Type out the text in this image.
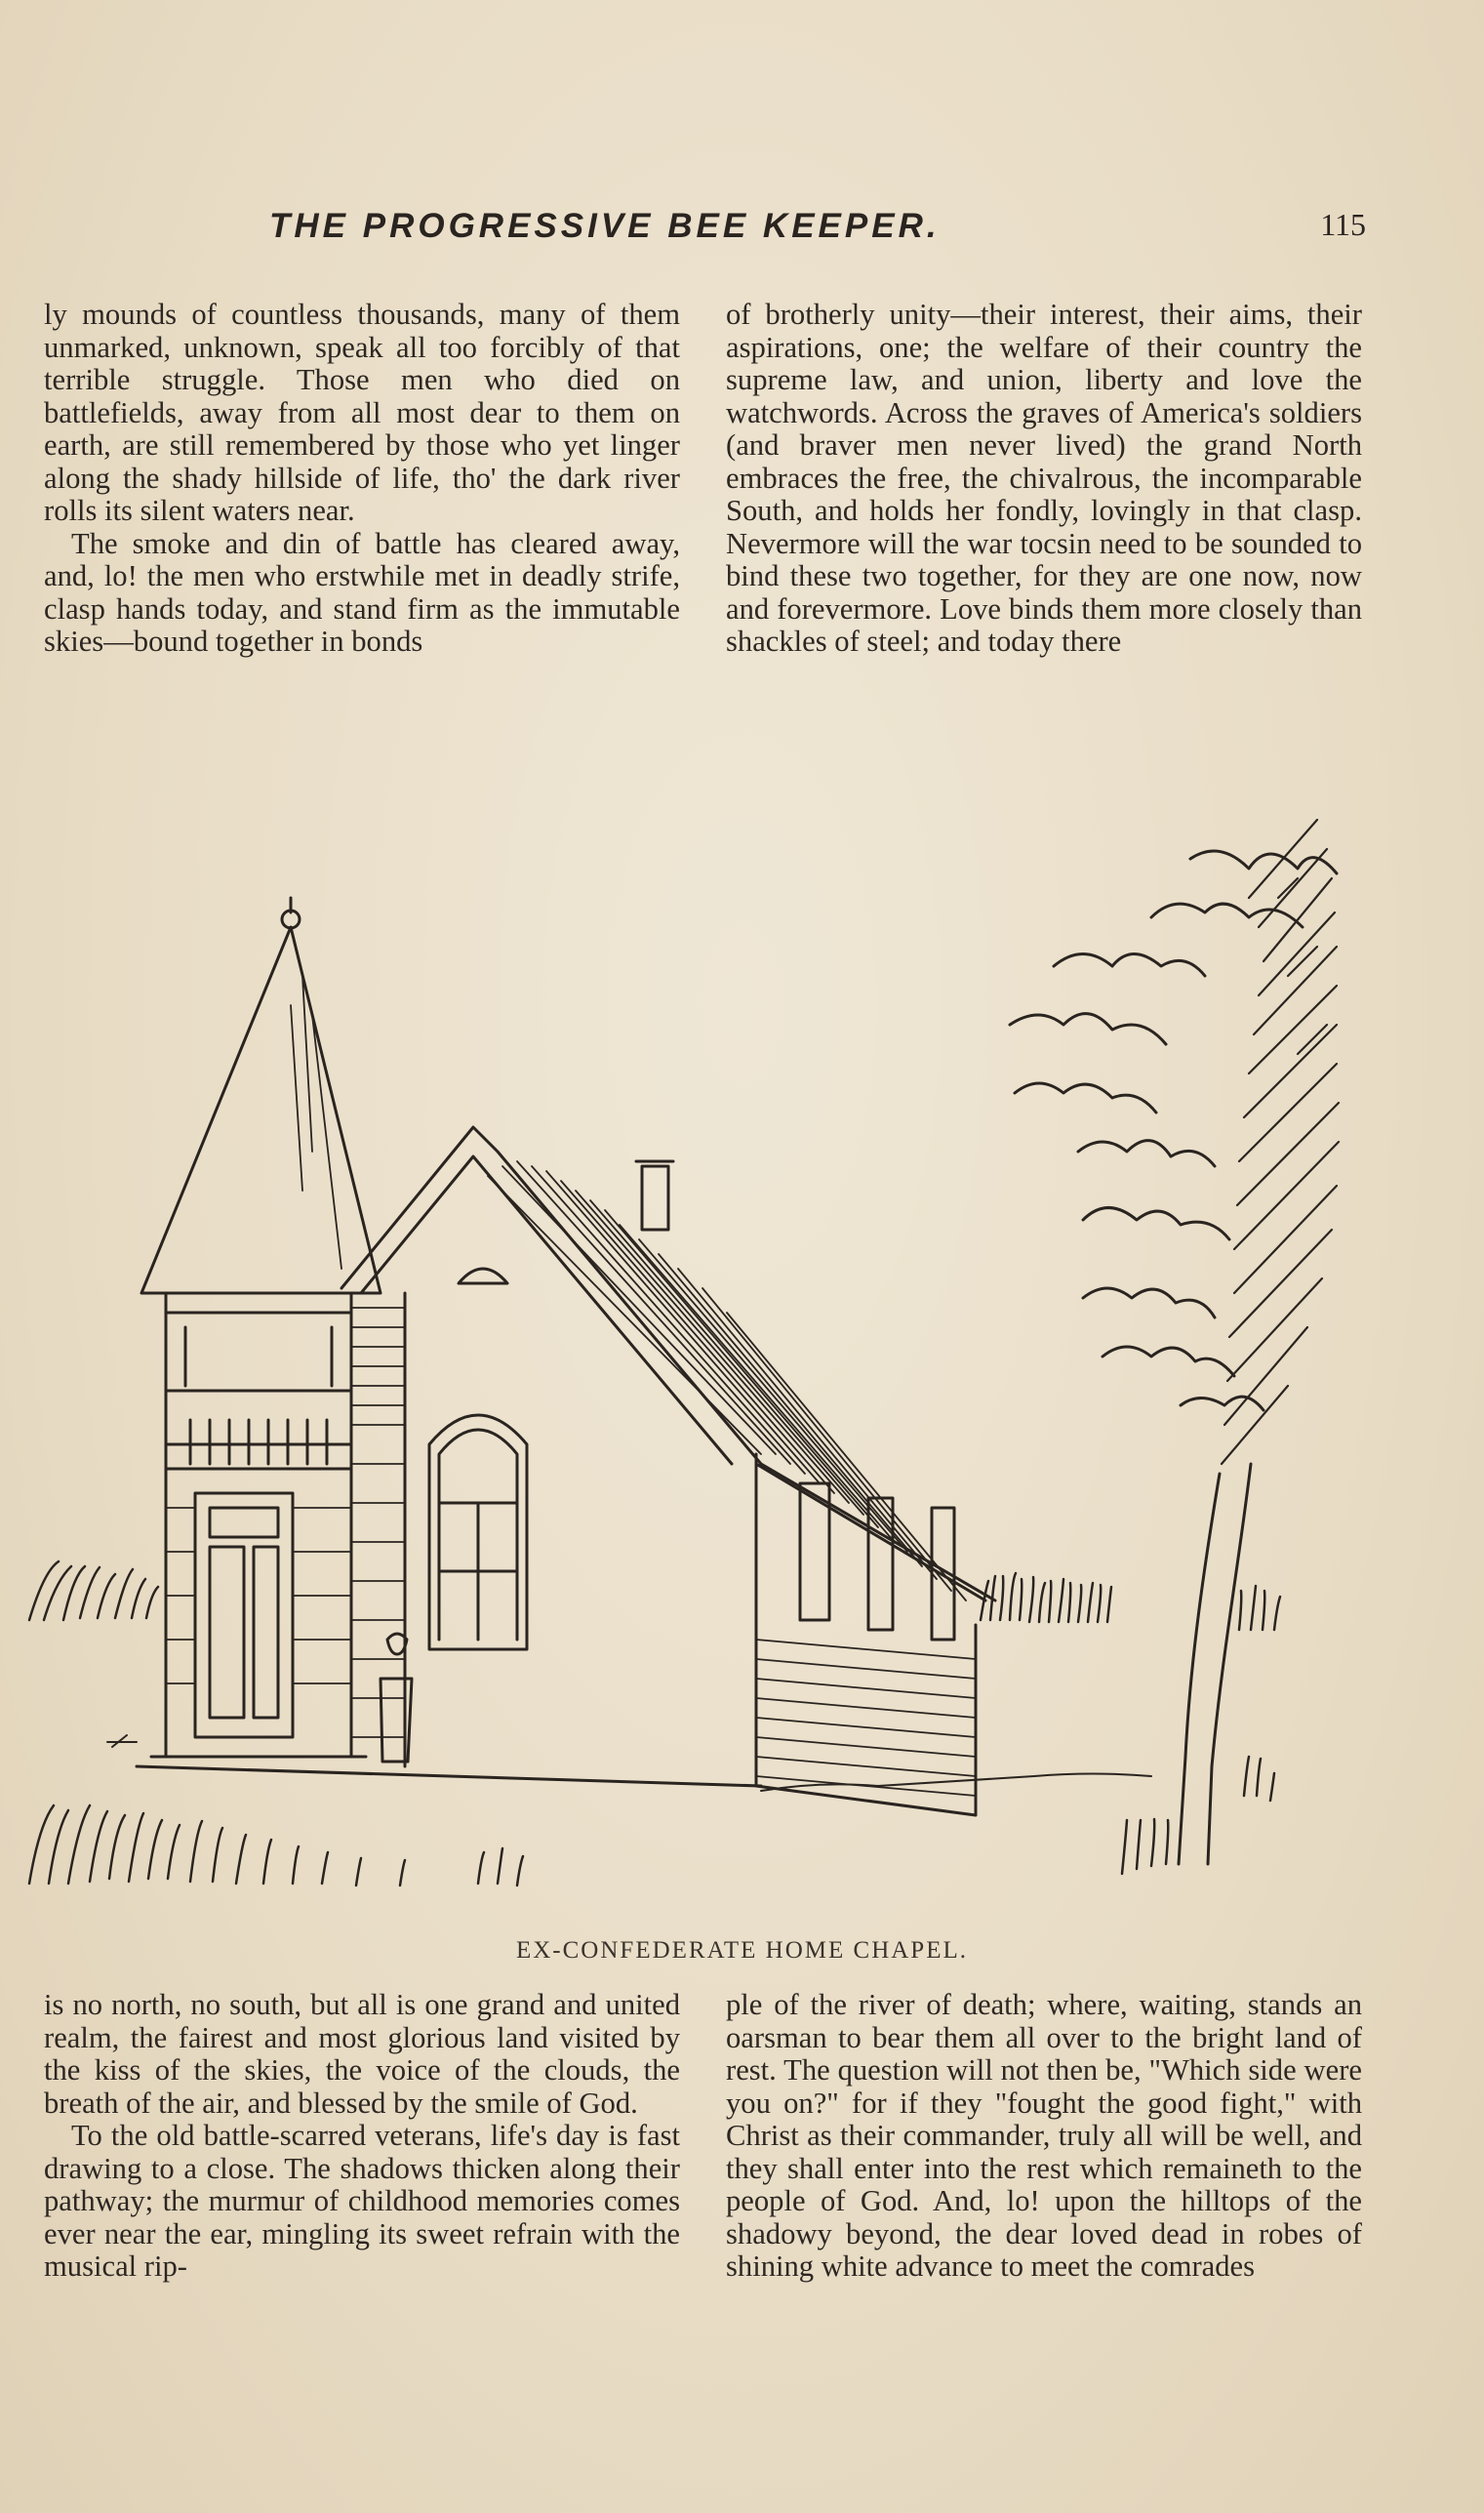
THE PROGRESSIVE BEE KEEPER.	115

ly mounds of countless thousands, many of them unmarked, unknown, speak all too forcibly of that terrible struggle. Those men who died on battlefields, away from all most dear to them on earth, are still remembered by those who yet linger along the shady hillside of life, tho' the dark river rolls its silent waters near.

The smoke and din of battle has cleared away, and, lo! the men who erstwhile met in deadly strife, clasp hands today, and stand firm as the immutable skies—bound together in bonds

of brotherly unity—their interest, their aims, their aspirations, one; the welfare of their country the supreme law, and union, liberty and love the watchwords. Across the graves of America's soldiers (and braver men never lived) the grand North embraces the free, the chivalrous, the incomparable South, and holds her fondly, lovingly in that clasp. Nevermore will the war tocsin need to be sounded to bind these two together, for they are one now, now and forevermore. Love binds them more closely than shackles of steel; and today there

EX-CONFEDERATE HOME CHAPEL.

is no north, no south, but all is one grand and united realm, the fairest and most glorious land visited by the kiss of the skies, the voice of the clouds, the breath of the air, and blessed by the smile of God.

To the old battle-scarred veterans, life's day is fast drawing to a close. The shadows thicken along their pathway; the murmur of childhood memories comes ever near the ear, mingling its sweet refrain with the musical rip-

ple of the river of death; where, waiting, stands an oarsman to bear them all over to the bright land of rest. The question will not then be, "Which side were you on?" for if they "fought the good fight," with Christ as their commander, truly all will be well, and they shall enter into the rest which remaineth to the people of God. And, lo! upon the hilltops of the shadowy beyond, the dear loved dead in robes of shining white advance to meet the comrades
